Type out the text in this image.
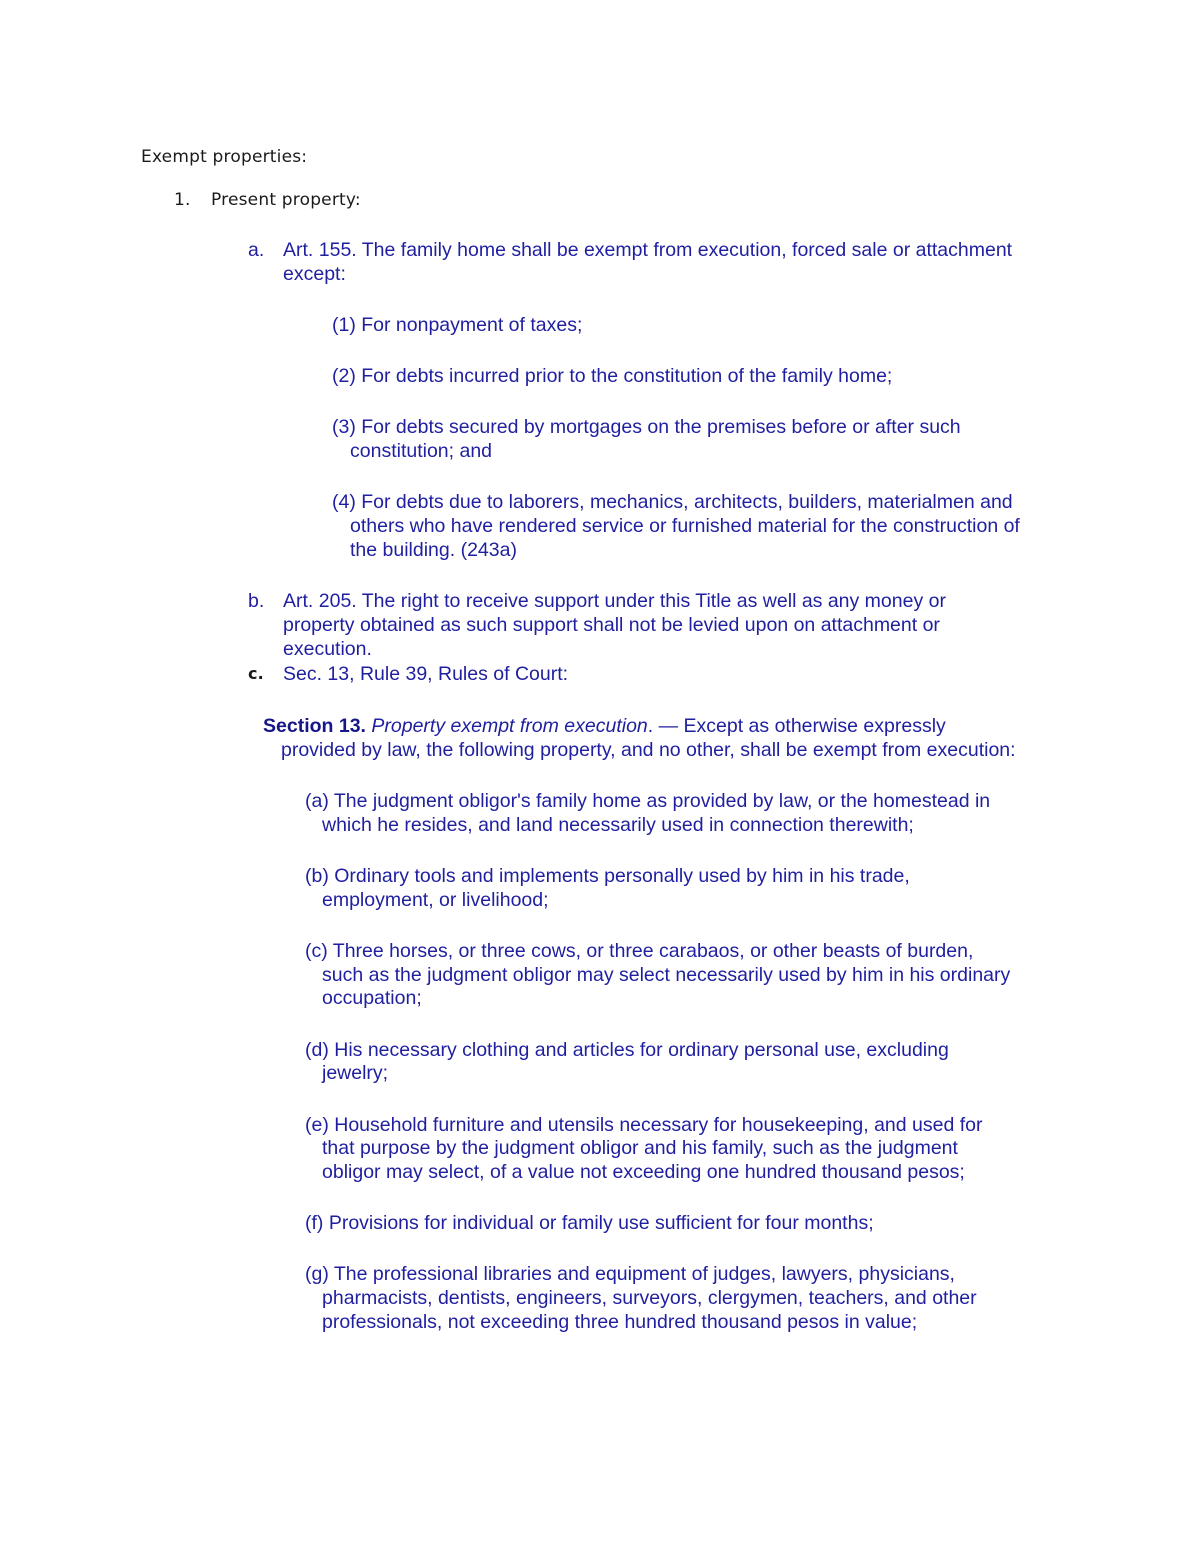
Exempt properties:
1. Present property:
a. Art. 155. The family home shall be exempt from execution, forced sale or attachment
except:
(1) For nonpayment of taxes;
(2) For debts incurred prior to the constitution of the family home;
(3) For debts secured by mortgages on the premises before or after such
constitution; and
(4) For debts due to laborers, mechanics, architects, builders, materialmen and
others who have rendered service or furnished material for the construction of
the building. (243a)
b. Art. 205. The right to receive support under this Title as well as any money or
property obtained as such support shall not be levied upon on attachment or
execution.
c. Sec. 13, Rule 39, Rules of Court:
Section 13. Property exempt from execution. — Except as otherwise expressly
provided by law, the following property, and no other, shall be exempt from execution:
(a) The judgment obligor's family home as provided by law, or the homestead in
which he resides, and land necessarily used in connection therewith;
(b) Ordinary tools and implements personally used by him in his trade,
employment, or livelihood;
(c) Three horses, or three cows, or three carabaos, or other beasts of burden,
such as the judgment obligor may select necessarily used by him in his ordinary
occupation;
(d) His necessary clothing and articles for ordinary personal use, excluding
jewelry;
(e) Household furniture and utensils necessary for housekeeping, and used for
that purpose by the judgment obligor and his family, such as the judgment
obligor may select, of a value not exceeding one hundred thousand pesos;
(f) Provisions for individual or family use sufficient for four months;
(g) The professional libraries and equipment of judges, lawyers, physicians,
pharmacists, dentists, engineers, surveyors, clergymen, teachers, and other
professionals, not exceeding three hundred thousand pesos in value;
